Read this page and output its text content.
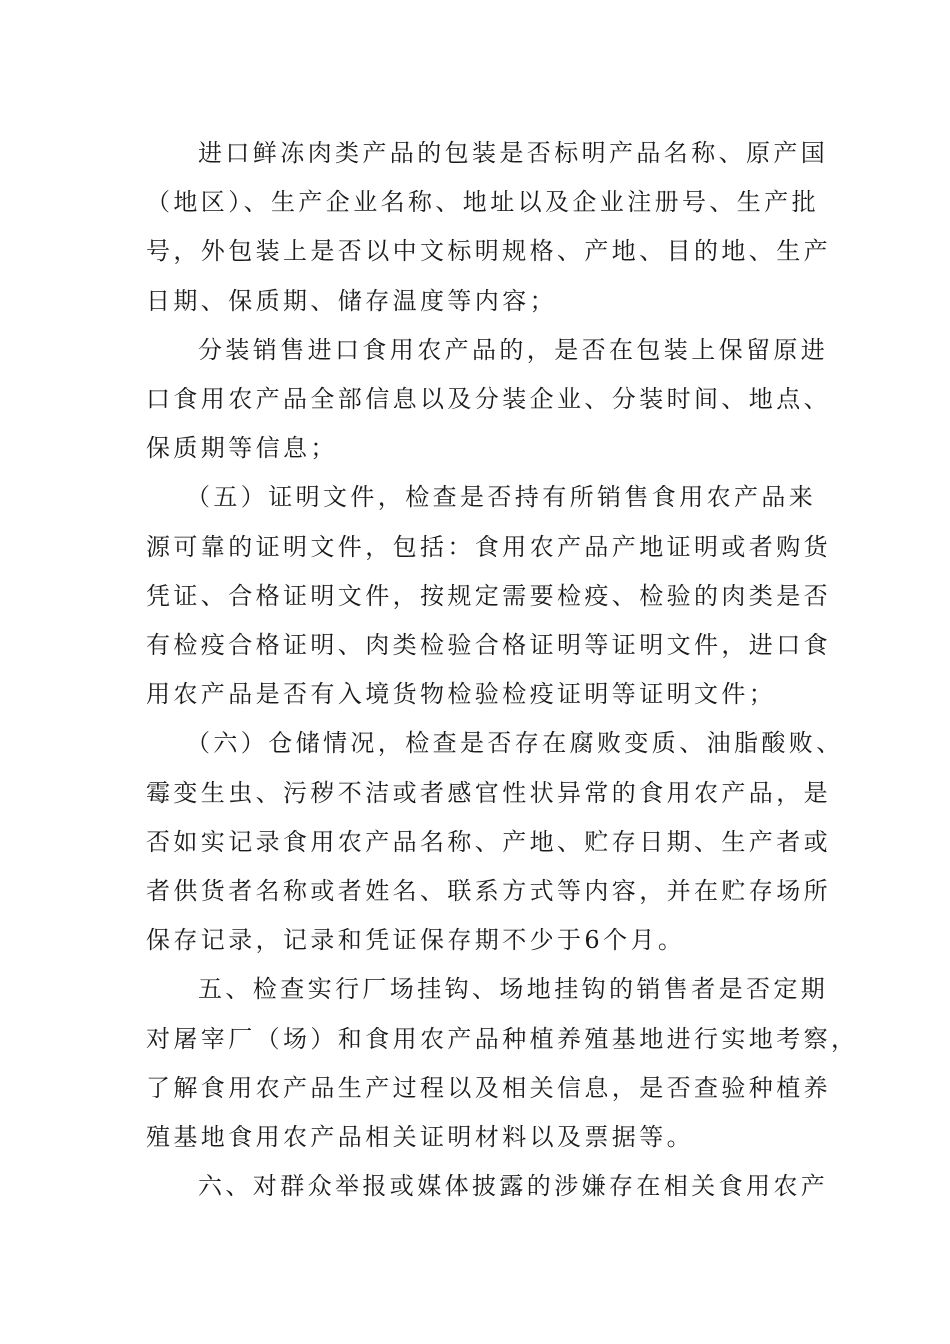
进口鲜冻肉类产品的包装是否标明产品名称、原产国
（地区）、生产企业名称、地址以及企业注册号、生产批
号，外包装上是否以中文标明规格、产地、目的地、生产
日期、保质期、储存温度等内容；
分装销售进口食用农产品的，是否在包装上保留原进
口食用农产品全部信息以及分装企业、分装时间、地点、
保质期等信息；
（五）证明文件，检查是否持有所销售食用农产品来
源可靠的证明文件，包括：食用农产品产地证明或者购货
凭证、合格证明文件，按规定需要检疫、检验的肉类是否
有检疫合格证明、肉类检验合格证明等证明文件，进口食
用农产品是否有入境货物检验检疫证明等证明文件；
（六）仓储情况，检查是否存在腐败变质、油脂酸败、
霉变生虫、污秽不洁或者感官性状异常的食用农产品，是
否如实记录食用农产品名称、产地、贮存日期、生产者或
者供货者名称或者姓名、联系方式等内容，并在贮存场所
保存记录，记录和凭证保存期不少于6个月。
五、检查实行厂场挂钩、场地挂钩的销售者是否定期
对屠宰厂（场）和食用农产品种植养殖基地进行实地考察，
了解食用农产品生产过程以及相关信息，是否查验种植养
殖基地食用农产品相关证明材料以及票据等。
六、对群众举报或媒体披露的涉嫌存在相关食用农产
